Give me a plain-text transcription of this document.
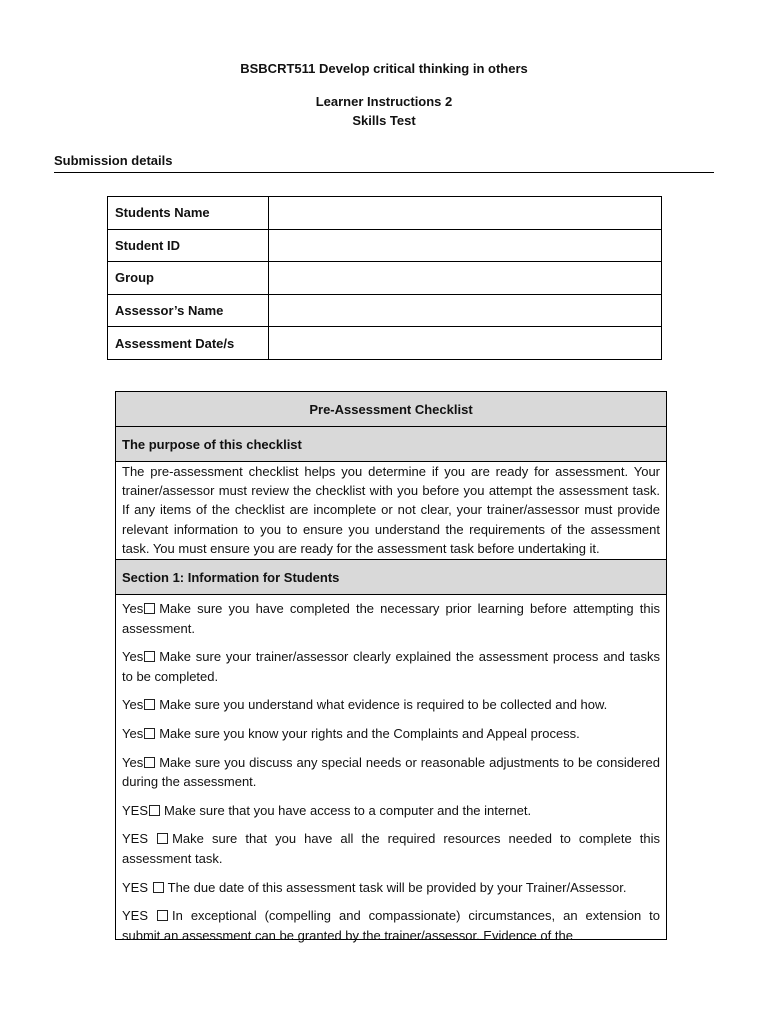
BSBCRT511 Develop critical thinking in others
Learner Instructions 2
Skills Test
Submission details
Students Name	
Student ID	
Group	
Assessor’s Name	
Assessment Date/s	
Pre-Assessment Checklist
The purpose of this checklist
The pre-assessment checklist helps you determine if you are ready for assessment. Your trainer/assessor must review the checklist with you before you attempt the assessment task. If any items of the checklist are incomplete or not clear, your trainer/assessor must provide relevant information to you to ensure you understand the requirements of the assessment task. You must ensure you are ready for the assessment task before undertaking it.
Section 1: Information for Students

Yes Make sure you have completed the necessary prior learning before attempting this assessment.

Yes Make sure your trainer/assessor clearly explained the assessment process and tasks to be completed.

Yes Make sure you understand what evidence is required to be collected and how.

Yes Make sure you know your rights and the Complaints and Appeal process.

Yes Make sure you discuss any special needs or reasonable adjustments to be considered during the assessment.

YES Make sure that you have access to a computer and the internet.

YES Make sure that you have all the required resources needed to complete this assessment task.

YES The due date of this assessment task will be provided by your Trainer/Assessor.

YES In exceptional (compelling and compassionate) circumstances, an extension to submit an assessment can be granted by the trainer/assessor. Evidence of the
